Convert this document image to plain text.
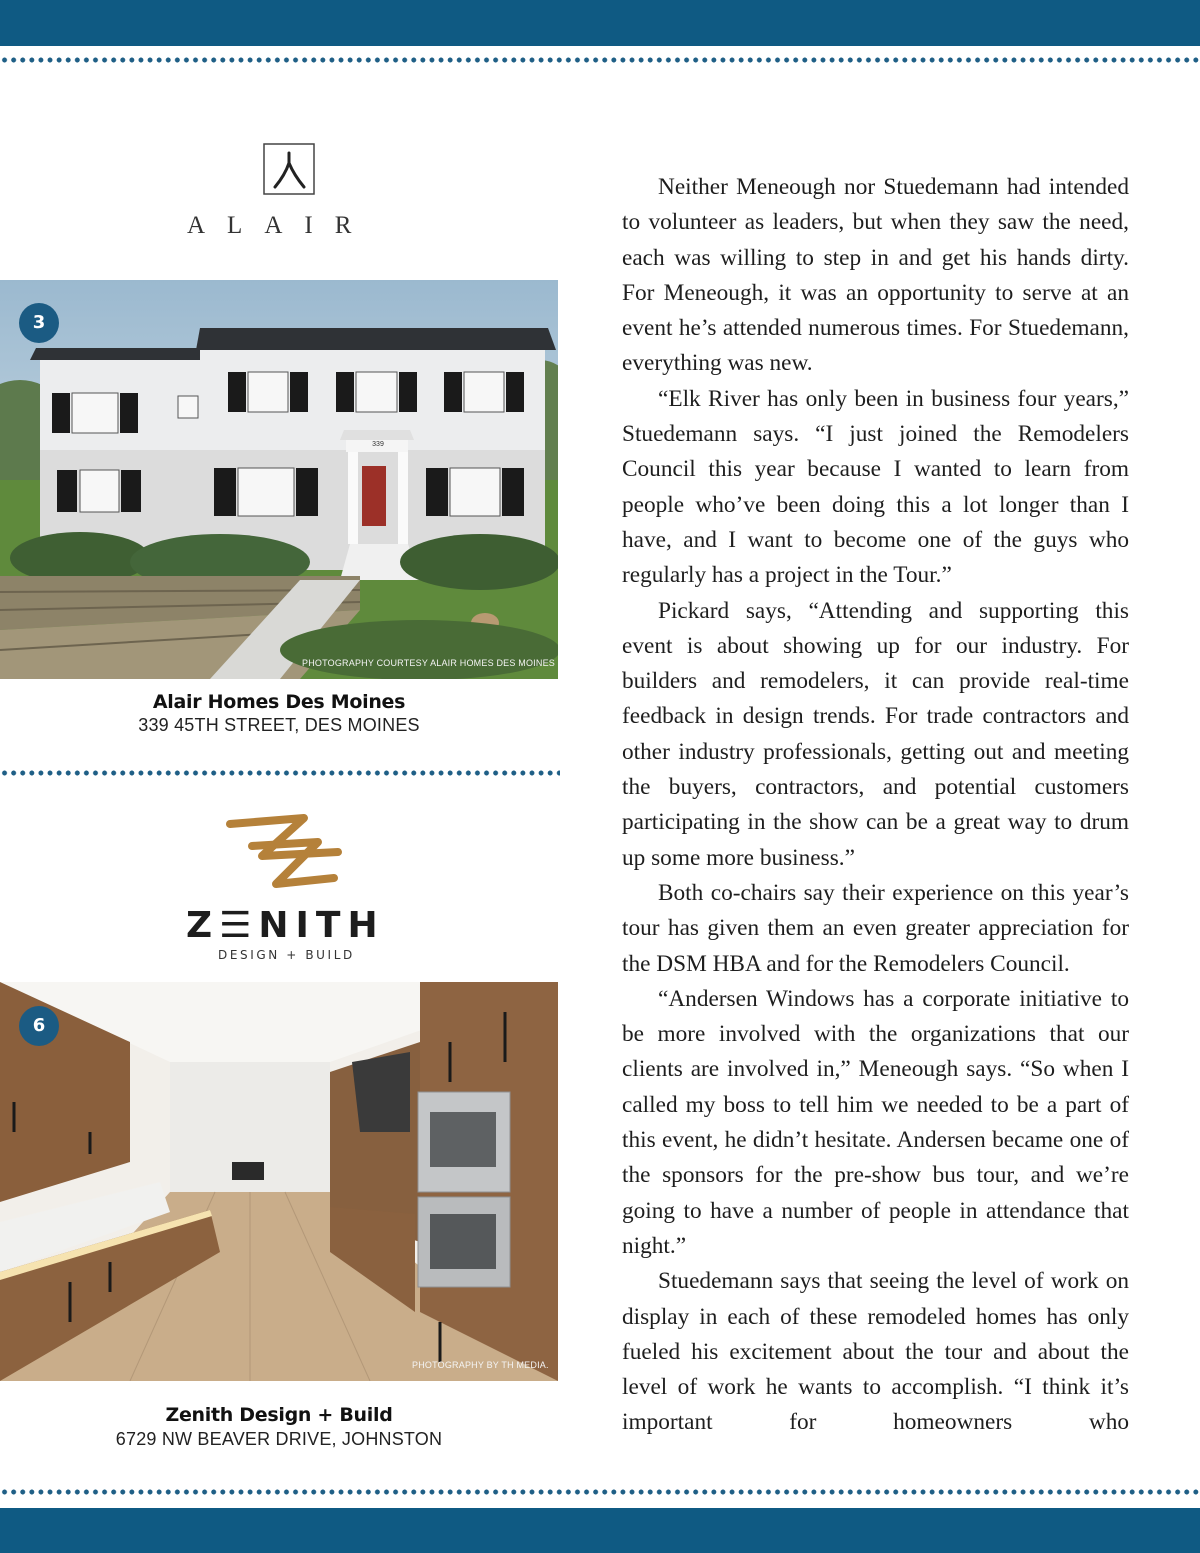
ALAIR
339
3
PHOTOGRAPHY COURTESY ALAIR HOMES DES MOINES
Alair Homes Des Moines
339 45TH STREET, DES MOINES
Z☰NITH
DESIGN + BUILD
6
PHOTOGRAPHY BY TH MEDIA.
Zenith Design + Build
6729 NW BEAVER DRIVE, JOHNSTON

Neither Meneough nor Stuedemann had intended to volunteer as leaders, but when they saw the need, each was willing to step in and get his hands dirty. For Meneough, it was an opportunity to serve at an event he’s attended numerous times. For Stuedemann, everything was new.

“Elk River has only been in business four years,” Stuedemann says. “I just joined the Remodelers Council this year because I wanted to learn from people who’ve been doing this a lot longer than I have, and I want to become one of the guys who regularly has a project in the Tour.”

Pickard says, “Attending and supporting this event is about showing up for our industry. For builders and remodelers, it can provide real-time feedback in design trends. For trade contractors and other industry professionals, getting out and meeting the buyers, contractors, and potential customers participating in the show can be a great way to drum up some more business.”

Both co-chairs say their experience on this year’s tour has given them an even greater appreciation for the DSM HBA and for the Remodelers Council.

“Andersen Windows has a corporate initiative to be more involved with the organizations that our clients are involved in,” Meneough says. “So when I called my boss to tell him we needed to be a part of this event, he didn’t hesitate. Andersen became one of the sponsors for the pre-show bus tour, and we’re going to have a number of people in attendance that night.”

Stuedemann says that seeing the level of work on display in each of these remodeled homes has only fueled his excitement about the tour and about the level of work he wants to accomplish. “I think it’s important for homeowners who
